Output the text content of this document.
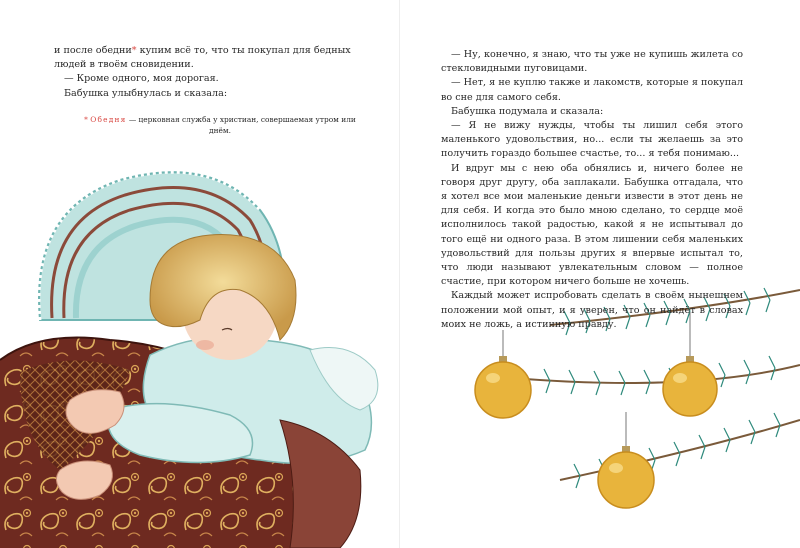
и после обедни* купим всё то, что ты покупал для бедных людей в твоём сновидении.

— Кроме одного, моя дорогая.

Бабушка улыбнулась и сказала:

* Обедня — церковная служба у христиан, совершаемая утром или днём.

— Ну, конечно, я знаю, что ты уже не купишь жилета со стекловидными пуговицами.

— Нет, я не куплю также и лакомств, которые я покупал во сне для самого себя.

Бабушка подумала и сказала:

— Я не вижу нужды, чтобы ты лишил себя этого маленького удовольствия, но... если ты желаешь за это получить гораздо большее счастье, то... я тебя понимаю...

И вдруг мы с нею оба обнялись и, ничего более не говоря друг другу, оба заплакали. Бабушка отгадала, что я хотел все мои маленькие деньги извести в этот день не для себя. И когда это было мною сделано, то сердце моё исполнилось такой радостью, какой я не испытывал до того ещё ни одного раза. В этом лишении себя маленьких удовольствий для пользы других я впервые испытал то, что люди называют увлекательным словом — полное счастие, при котором ничего больше не хочешь.

Каждый может испробовать сделать в своём нынешнем положении мой опыт, и я уверен, что он найдёт в словах моих не ложь, а истинную правду.
